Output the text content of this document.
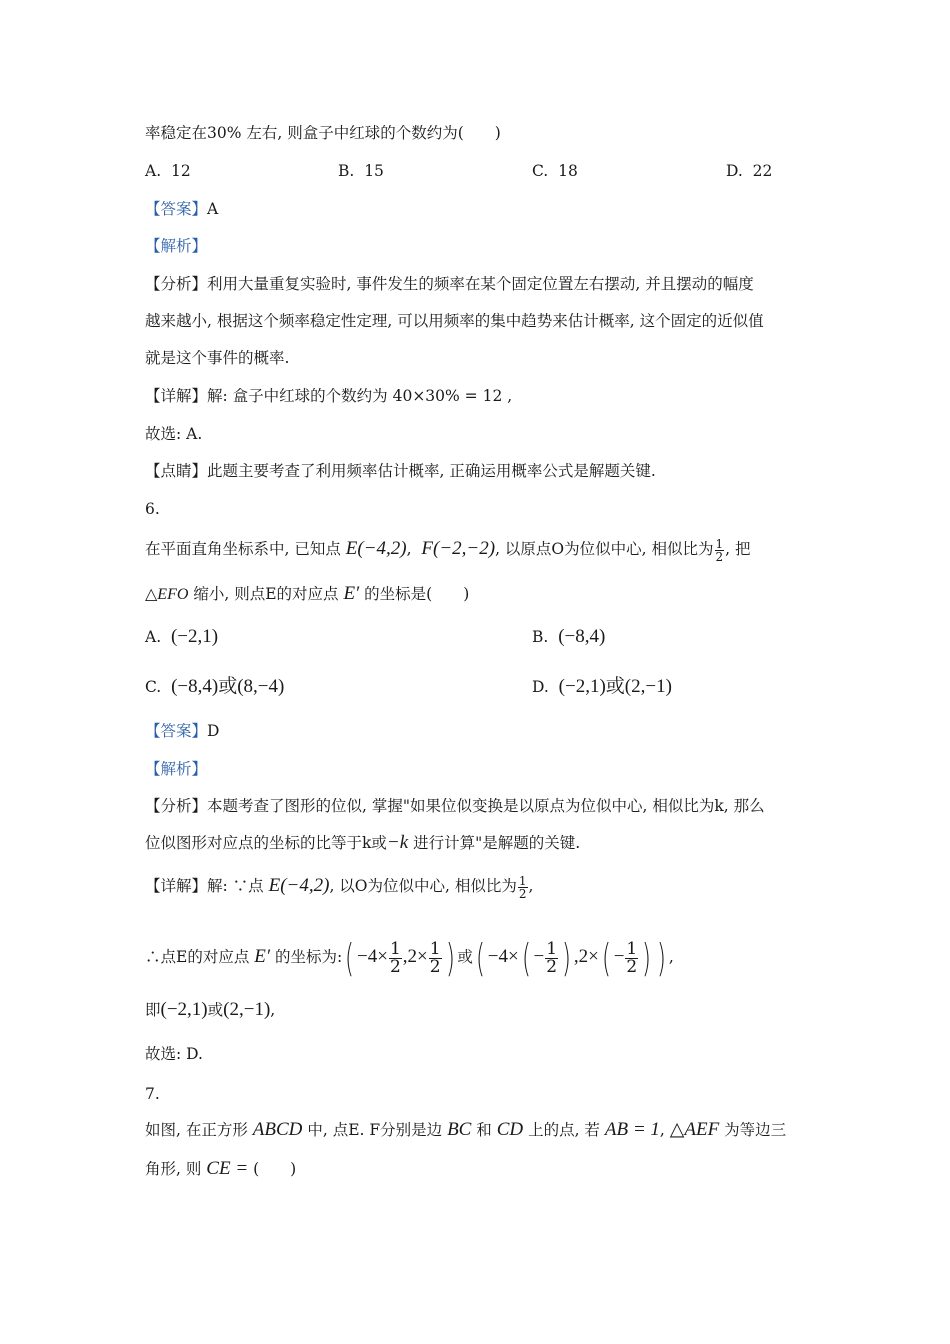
率稳定在30% 左右, 则盒子中红球的个数约为(　　)
A. 12	B. 15	C. 18	D. 22
【答案】A
【解析】
【分析】利用大量重复实验时, 事件发生的频率在某个固定位置左右摆动, 并且摆动的幅度
越来越小, 根据这个频率稳定性定理, 可以用频率的集中趋势来估计概率, 这个固定的近似值
就是这个事件的概率.
【详解】解: 盒子中红球的个数约为 40×30% = 12 ,
故选: A.
【点睛】此题主要考查了利用频率估计概率, 正确运用概率公式是解题关键.
6.
在平面直角坐标系中, 已知点 E(−4,2),  F(−2,−2), 以原点O为位似中心, 相似比为 $\frac{1}{2}$ , 把
△EFO 缩小, 则点E的对应点 E′ 的坐标是(　　)
A. (−2,1)	B. (−8,4)
C. (−8,4)或(8,−4)	D. (−2,1)或(2,−1)
【答案】D
【解析】
【分析】本题考查了图形的位似, 掌握"如果位似变换是以原点为位似中心, 相似比为k, 那么
位似图形对应点的坐标的比等于k或−k 进行计算"是解题的关键.
【详解】解: ∵点 E(−4,2), 以O为位似中心, 相似比为 $\frac{1}{2}$ ,
∴点E的对应点 E′ 的坐标为:( $-4\times \frac{1}{2} ,2\times \frac{1}{2}$ ) 或( $-4\times( - \frac{1}{2}$ ) $,2\times( - \frac{1}{2}$ ) ) ,
即(−2,1)或(2,−1),
故选: D.
7.
如图, 在正方形 ABCD 中, 点E. F分别是边 BC 和 CD 上的点, 若 AB = 1, △AEF 为等边三
角形, 则 CE = (　　)
